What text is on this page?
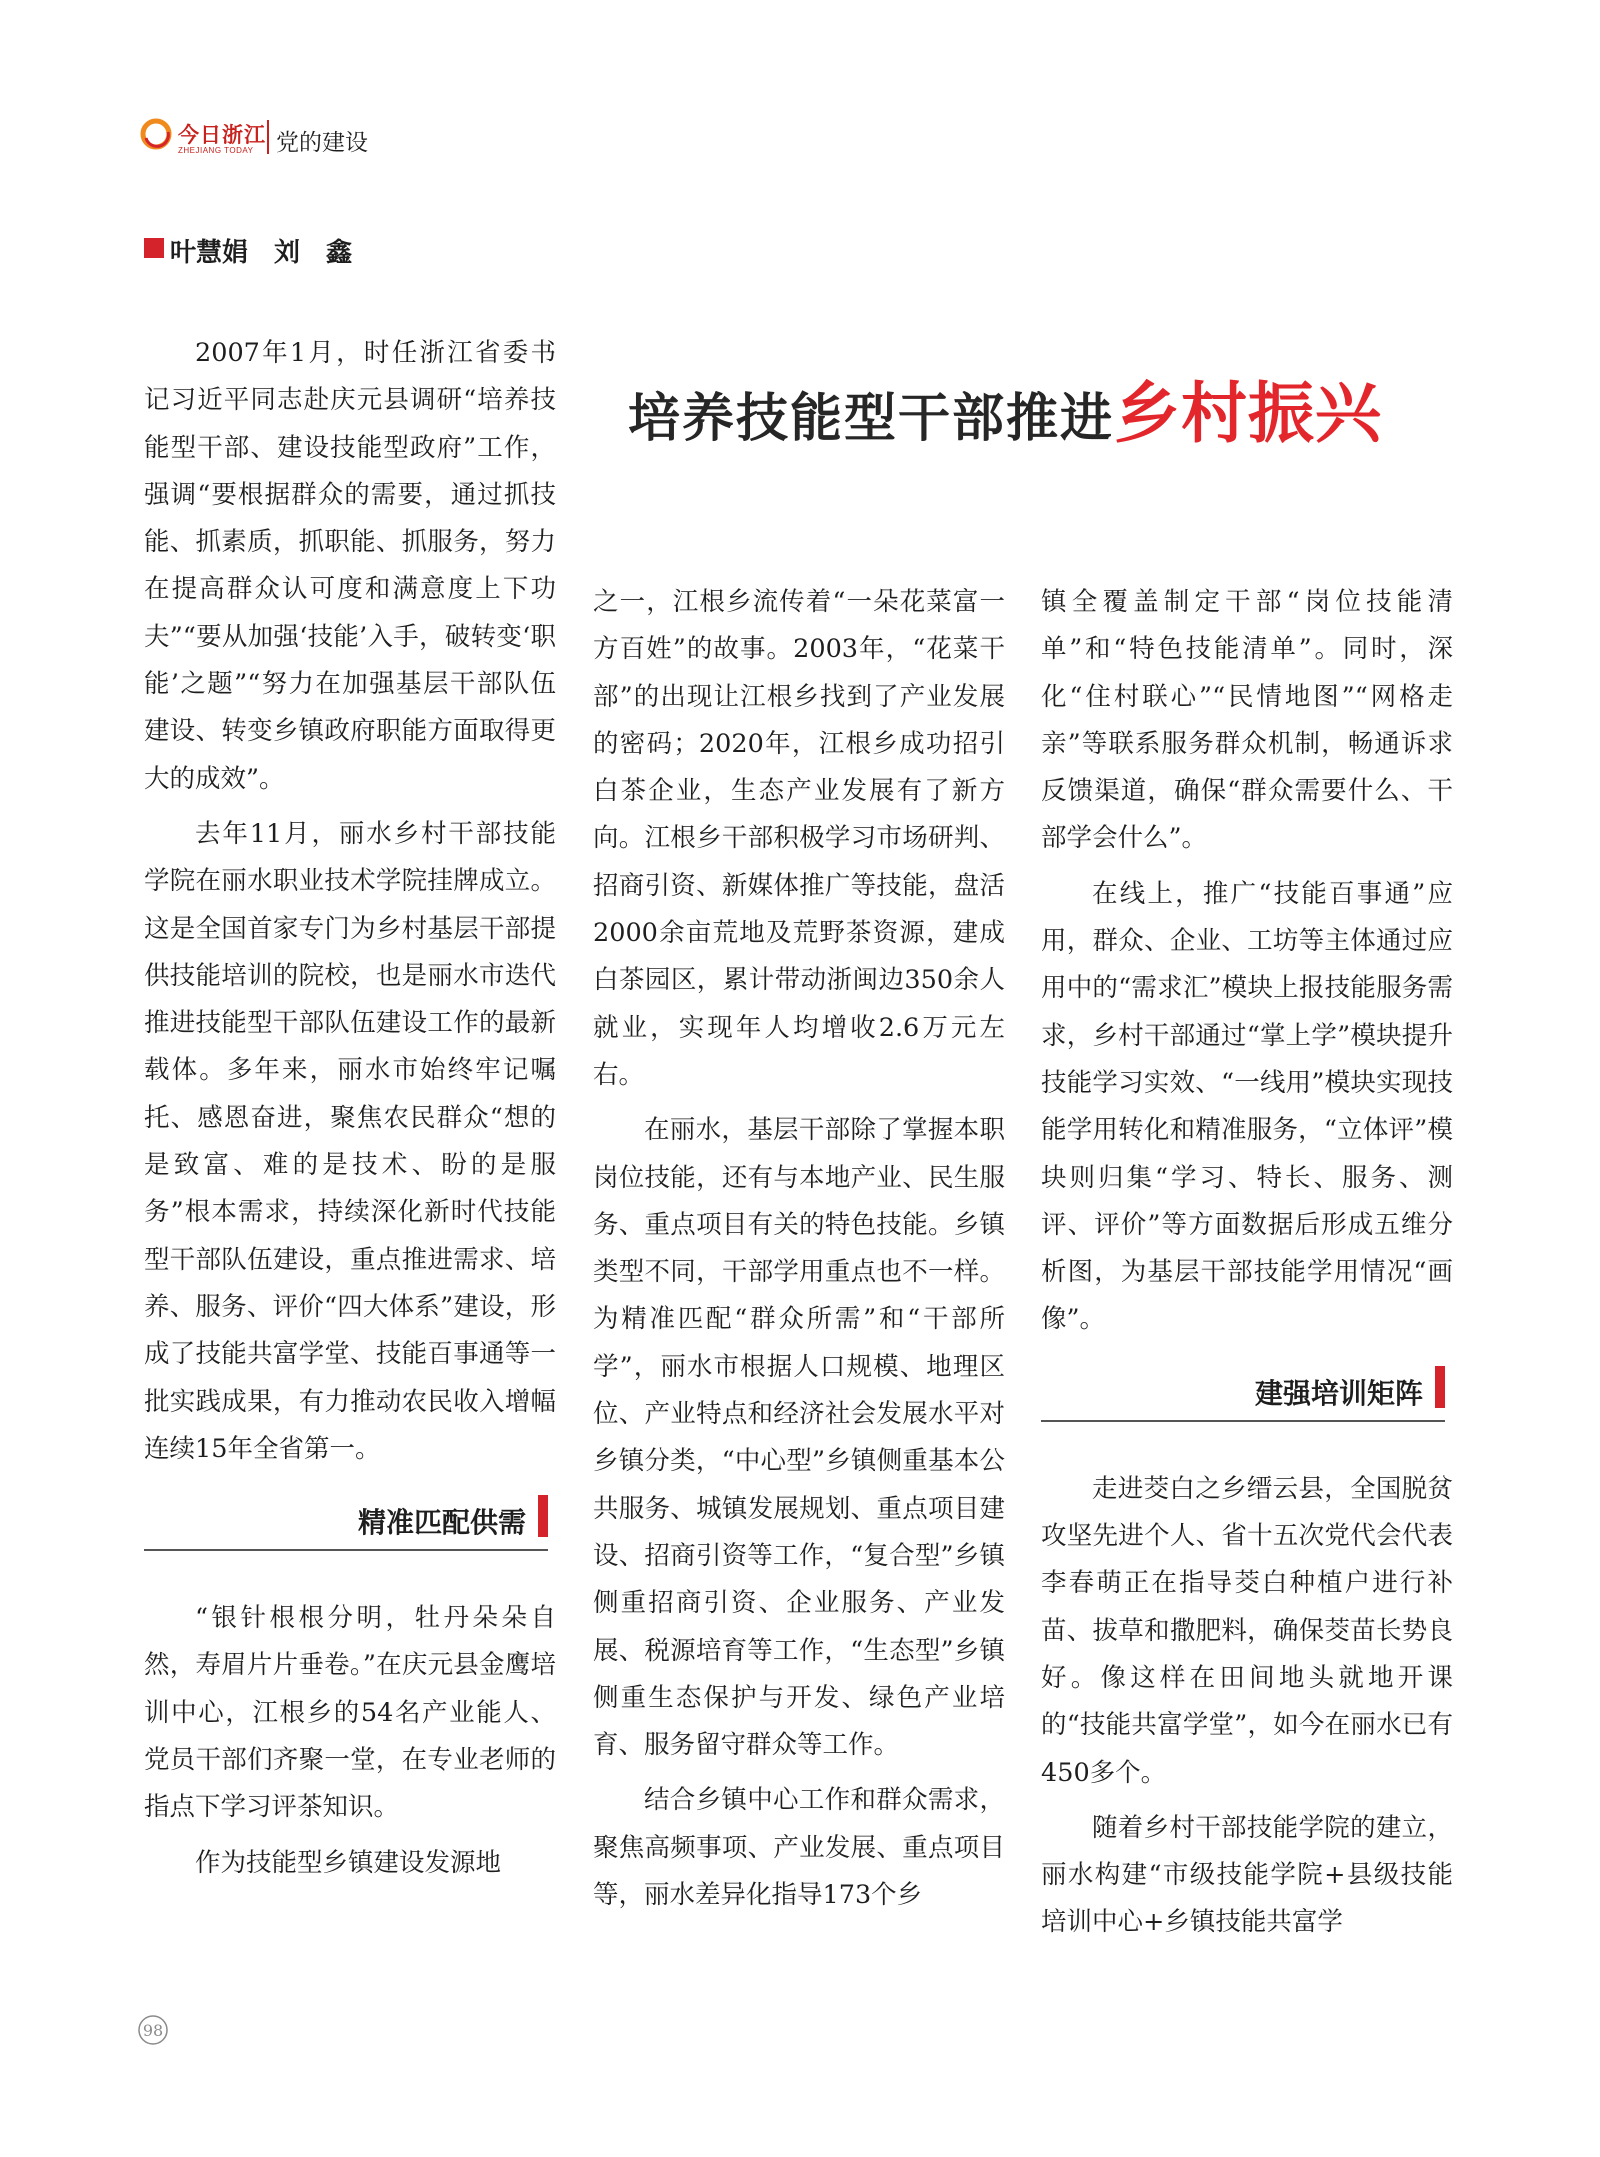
今日浙江
ZHEJIANG TODAY 党的建设
叶慧娟　刘　鑫
培养技能型干部推进乡村振兴

2007年1月，时任浙江省委书记习近平同志赴庆元县调研“培养技能型干部、建设技能型政府”工作，强调“要根据群众的需要，通过抓技能、抓素质，抓职能、抓服务，努力在提高群众认可度和满意度上下功夫”“要从加强‘技能’入手，破转变‘职能’之题”“努力在加强基层干部队伍建设、转变乡镇政府职能方面取得更大的成效”。

去年11月，丽水乡村干部技能学院在丽水职业技术学院挂牌成立。这是全国首家专门为乡村基层干部提供技能培训的院校，也是丽水市迭代推进技能型干部队伍建设工作的最新载体。多年来，丽水市始终牢记嘱托、感恩奋进，聚焦农民群众“想的是致富、难的是技术、盼的是服务”根本需求，持续深化新时代技能型干部队伍建设，重点推进需求、培养、服务、评价“四大体系”建设，形成了技能共富学堂、技能百事通等一批实践成果，有力推动农民收入增幅连续15年全省第一。

精准匹配供需

“银针根根分明，牡丹朵朵自然，寿眉片片垂卷。”在庆元县金鹰培训中心，江根乡的54名产业能人、党员干部们齐聚一堂，在专业老师的指点下学习评茶知识。

作为技能型乡镇建设发源地

之一，江根乡流传着“一朵花菜富一方百姓”的故事。2003年，“花菜干部”的出现让江根乡找到了产业发展的密码；2020年，江根乡成功招引白茶企业，生态产业发展有了新方向。江根乡干部积极学习市场研判、招商引资、新媒体推广等技能，盘活2000余亩荒地及荒野茶资源，建成白茶园区，累计带动浙闽边350余人就业，实现年人均增收2.6万元左右。

在丽水，基层干部除了掌握本职岗位技能，还有与本地产业、民生服务、重点项目有关的特色技能。乡镇类型不同，干部学用重点也不一样。为精准匹配“群众所需”和“干部所学”，丽水市根据人口规模、地理区位、产业特点和经济社会发展水平对乡镇分类，“中心型”乡镇侧重基本公共服务、城镇发展规划、重点项目建设、招商引资等工作，“复合型”乡镇侧重招商引资、企业服务、产业发展、税源培育等工作，“生态型”乡镇侧重生态保护与开发、绿色产业培育、服务留守群众等工作。

结合乡镇中心工作和群众需求，聚焦高频事项、产业发展、重点项目等，丽水差异化指导173个乡

镇全覆盖制定干部“岗位技能清单”和“特色技能清单”。同时，深化“住村联心”“民情地图”“网格走亲”等联系服务群众机制，畅通诉求反馈渠道，确保“群众需要什么、干部学会什么”。

在线上，推广“技能百事通”应用，群众、企业、工坊等主体通过应用中的“需求汇”模块上报技能服务需求，乡村干部通过“掌上学”模块提升技能学习实效、“一线用”模块实现技能学用转化和精准服务，“立体评”模块则归集“学习、特长、服务、测评、评价”等方面数据后形成五维分析图，为基层干部技能学用情况“画像”。

建强培训矩阵

走进茭白之乡缙云县，全国脱贫攻坚先进个人、省十五次党代会代表李春萌正在指导茭白种植户进行补苗、拔草和撒肥料，确保茭苗长势良好。像这样在田间地头就地开课的“技能共富学堂”，如今在丽水已有450多个。

随着乡村干部技能学院的建立，丽水构建“市级技能学院+县级技能培训中心+乡镇技能共富学

98
